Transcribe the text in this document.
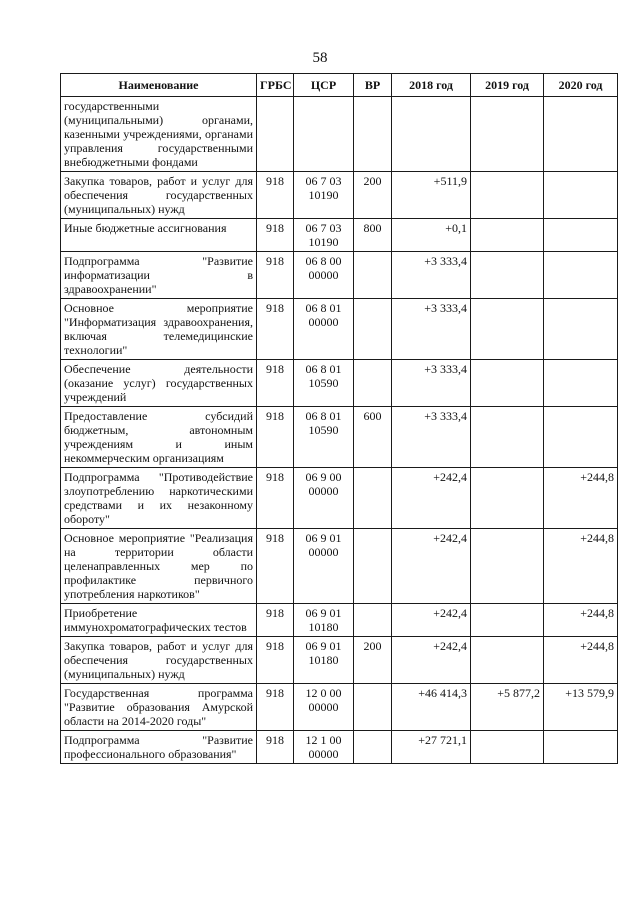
58
Наименование	ГРБС	ЦСР	ВР	2018 год	2019 год	2020 год
государственными (муниципальными) органами, казенными учреждениями, органами управления государственными внебюджетными фондами						
Закупка товаров, работ и услуг для обеспечения государственных (муниципальных) нужд	918	06 7 03 10190	200	+511,9		
Иные бюджетные ассигнования	918	06 7 03 10190	800	+0,1		
Подпрограмма "Развитие информатизации в здравоохранении"	918	06 8 00 00000		+3 333,4		
Основное мероприятие "Информатизация здравоохранения, включая телемедицинские технологии"	918	06 8 01 00000		+3 333,4		
Обеспечение деятельности (оказание услуг) государственных учреждений	918	06 8 01 10590		+3 333,4		
Предоставление субсидий бюджетным, автономным учреждениям и иным некоммерческим организациям	918	06 8 01 10590	600	+3 333,4		
Подпрограмма "Противодействие злоупотреблению наркотическими средствами и их незаконному обороту"	918	06 9 00 00000		+242,4		+244,8
Основное мероприятие "Реализация на территории области целенаправленных мер по профилактике первичного употребления наркотиков"	918	06 9 01 00000		+242,4		+244,8
Приобретение иммунохроматографических тестов	918	06 9 01 10180		+242,4		+244,8
Закупка товаров, работ и услуг для обеспечения государственных (муниципальных) нужд	918	06 9 01 10180	200	+242,4		+244,8
Государственная программа "Развитие образования Амурской области на 2014-2020 годы"	918	12 0 00 00000		+46 414,3	+5 877,2	+13 579,9
Подпрограмма "Развитие профессионального образования"	918	12 1 00 00000		+27 721,1		
